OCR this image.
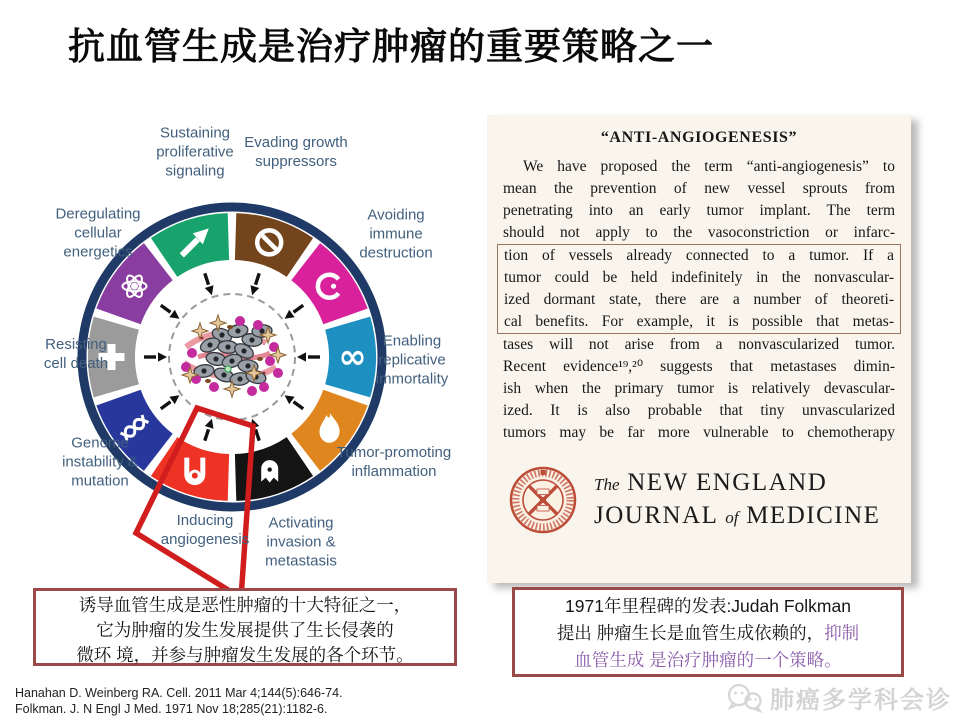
抗血管生成是治疗肿瘤的重要策略之一
∞
Sustaining proliferative signaling
Evading growth suppressors
Avoiding immune destruction
Enabling replicative immortality
Tumor-promoting inflammation
Activating invasion & metastasis
Inducing angiogenesis
Genome instability & mutation
Resisting cell death
Deregulating cellular energetics
“ANTI-ANGIOGENESIS”
We have proposed the term “anti-angiogenesis” to
mean the prevention of new vessel sprouts from
penetrating into an early tumor implant. The term
should not apply to the vasoconstriction or infarc-
tion of vessels already connected to a tumor. If a
tumor could be held indefinitely in the nonvascular-
ized dormant state, there are a number of theoreti-
cal benefits. For example, it is possible that metas-
tases will not arise from a nonvascularized tumor.
Recent evidence¹⁹,²⁰ suggests that metastases dimin-
ish when the primary tumor is relatively devascular-
ized. It is also probable that tiny unvascularized
tumors may be far more vulnerable to chemotherapy
The NEW ENGLAND
JOURNAL of MEDICINE
诱导血管生成是恶性肿瘤的十大特征之一，
它为肿瘤的发生发展提供了生长侵袭的
微环 境，并参与肿瘤发生发展的各个环节。
1971年里程碑的发表:Judah Folkman
提出 肿瘤生长是血管生成依赖的，抑制
血管生成 是治疗肿瘤的一个策略。
Hanahan D. Weinberg RA. Cell. 2011 Mar 4;144(5):646-74.
Folkman. J. N Engl J Med. 1971 Nov 18;285(21):1182-6.	肺癌多学科会诊
